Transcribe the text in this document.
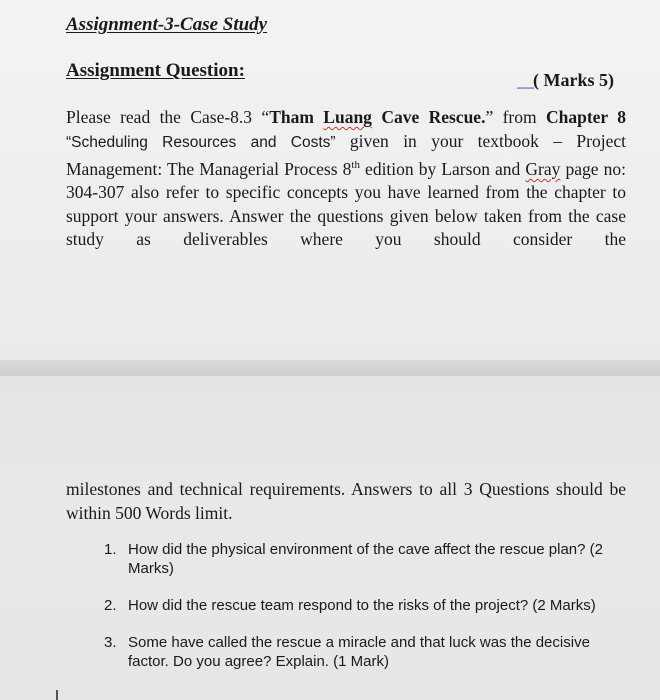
Assignment-3-Case Study
Assignment Question:	__( Marks 5)
Please read the Case-8.3 “Tham Luang Cave Rescue.” from Chapter 8 “Scheduling Resources and Costs” given in your textbook – Project Management: The Managerial Process 8th edition by Larson and Gray page no: 304-307 also refer to specific concepts you have learned from the chapter to support your answers. Answer the questions given below taken from the case study as deliverables where you should consider the
milestones and technical requirements. Answers to all 3 Questions should be within 500 Words limit.
1. How did the physical environment of the cave affect the rescue plan? (2 Marks)
2. How did the rescue team respond to the risks of the project? (2 Marks)
3. Some have called the rescue a miracle and that luck was the decisive factor. Do you agree? Explain. (1 Mark)
